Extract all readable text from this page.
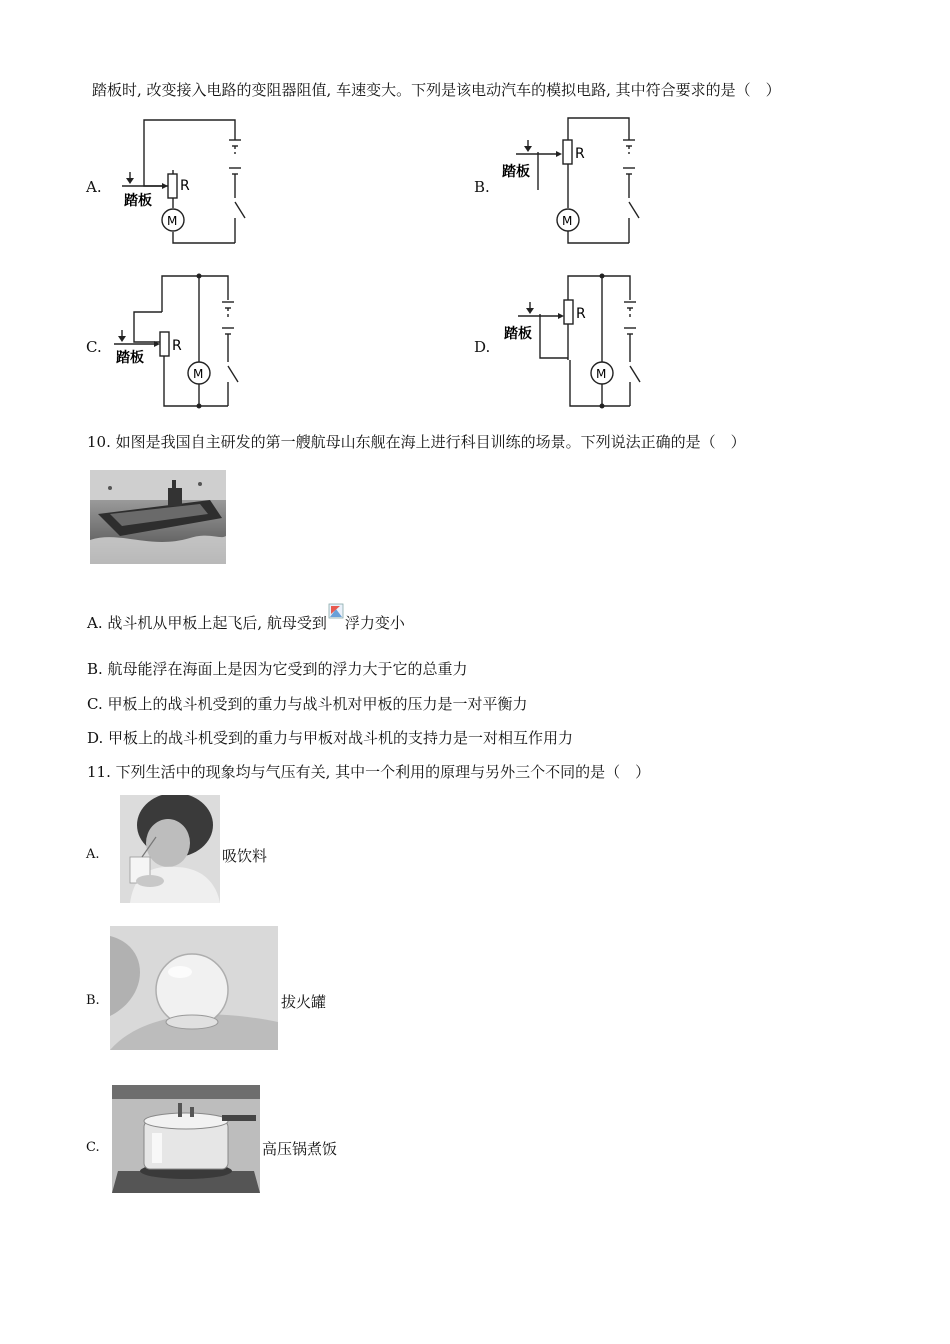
踏板时, 改变接入电路的变阻器阻值, 车速变大。下列是该电动汽车的模拟电路, 其中符合要求的是（　）
A.	B.
C.	D.
R
M
踏板
R
M
踏板
R
M
踏板
R
M
踏板
10. 如图是我国自主研发的第一艘航母山东舰在海上进行科目训练的场景。下列说法正确的是（　）
A. 战斗机从甲板上起飞后, 航母受到 浮力变小
B. 航母能浮在海面上是因为它受到的浮力大于它的总重力
C. 甲板上的战斗机受到的重力与战斗机对甲板的压力是一对平衡力
D. 甲板上的战斗机受到的重力与甲板对战斗机的支持力是一对相互作用力
11. 下列生活中的现象均与气压有关, 其中一个利用的原理与另外三个不同的是（　）
A.	吸饮料
B.	拔火罐
C.	高压锅煮饭
